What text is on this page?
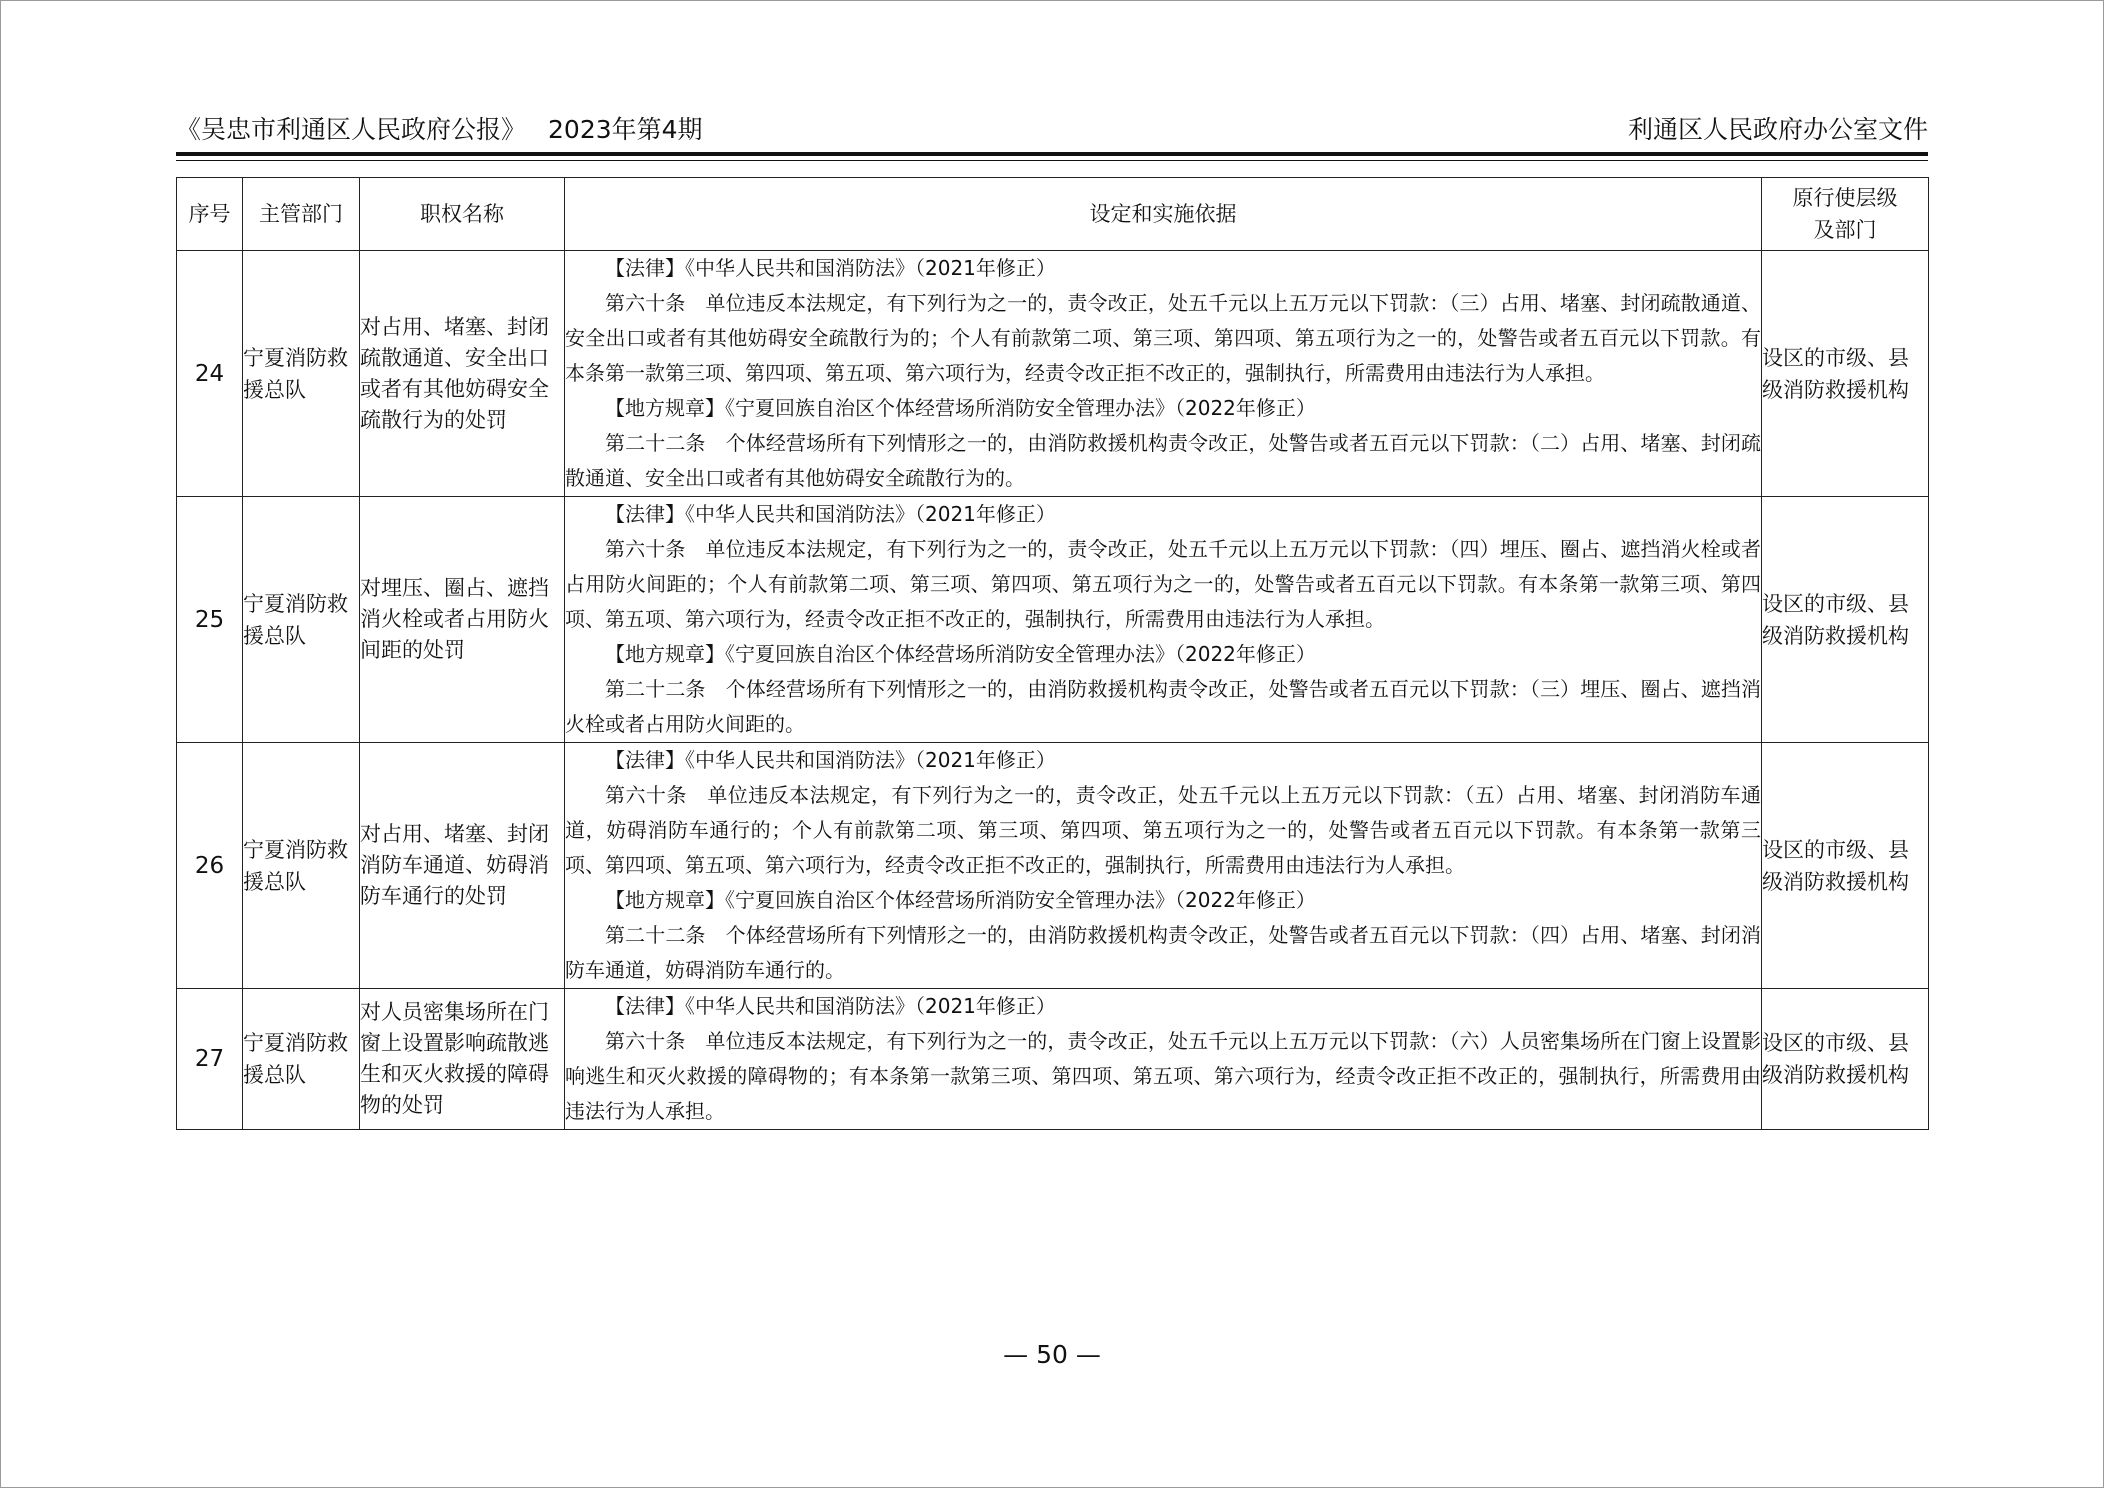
《吴忠市利通区人民政府公报》 2023年第4期	利通区人民政府办公室文件
序号	主管部门	职权名称	设定和实施依据	原行使层级及部门
24	宁夏消防救援总队	对占用、堵塞、封闭疏散通道、安全出口或者有其他妨碍安全疏散行为的处罚	【法律】《中华人民共和国消防法》（2021年修正）

第六十条　单位违反本法规定，有下列行为之一的，责令改正，处五千元以上五万元以下罚款：（三）占用、堵塞、封闭疏散通道、安全出口或者有其他妨碍安全疏散行为的；个人有前款第二项、第三项、第四项、第五项行为之一的，处警告或者五百元以下罚款。有本条第一款第三项、第四项、第五项、第六项行为，经责令改正拒不改正的，强制执行，所需费用由违法行为人承担。

【地方规章】《宁夏回族自治区个体经营场所消防安全管理办法》（2022年修正）

第二十二条　个体经营场所有下列情形之一的，由消防救援机构责令改正，处警告或者五百元以下罚款：（二）占用、堵塞、封闭疏散通道、安全出口或者有其他妨碍安全疏散行为的。	设区的市级、县级消防救援机构
25	宁夏消防救援总队	对埋压、圈占、遮挡消火栓或者占用防火间距的处罚	【法律】《中华人民共和国消防法》（2021年修正）

第六十条　单位违反本法规定，有下列行为之一的，责令改正，处五千元以上五万元以下罚款：（四）埋压、圈占、遮挡消火栓或者占用防火间距的；个人有前款第二项、第三项、第四项、第五项行为之一的，处警告或者五百元以下罚款。有本条第一款第三项、第四项、第五项、第六项行为，经责令改正拒不改正的，强制执行，所需费用由违法行为人承担。

【地方规章】《宁夏回族自治区个体经营场所消防安全管理办法》（2022年修正）

第二十二条　个体经营场所有下列情形之一的，由消防救援机构责令改正，处警告或者五百元以下罚款：（三）埋压、圈占、遮挡消火栓或者占用防火间距的。	设区的市级、县级消防救援机构
26	宁夏消防救援总队	对占用、堵塞、封闭消防车通道、妨碍消防车通行的处罚	【法律】《中华人民共和国消防法》（2021年修正）

第六十条　单位违反本法规定，有下列行为之一的，责令改正，处五千元以上五万元以下罚款：（五）占用、堵塞、封闭消防车通道，妨碍消防车通行的；个人有前款第二项、第三项、第四项、第五项行为之一的，处警告或者五百元以下罚款。有本条第一款第三项、第四项、第五项、第六项行为，经责令改正拒不改正的，强制执行，所需费用由违法行为人承担。

【地方规章】《宁夏回族自治区个体经营场所消防安全管理办法》（2022年修正）

第二十二条　个体经营场所有下列情形之一的，由消防救援机构责令改正，处警告或者五百元以下罚款：（四）占用、堵塞、封闭消防车通道，妨碍消防车通行的。	设区的市级、县级消防救援机构
27	宁夏消防救援总队	对人员密集场所在门窗上设置影响疏散逃生和灭火救援的障碍物的处罚	【法律】《中华人民共和国消防法》（2021年修正）

第六十条　单位违反本法规定，有下列行为之一的，责令改正，处五千元以上五万元以下罚款：（六）人员密集场所在门窗上设置影响逃生和灭火救援的障碍物的；有本条第一款第三项、第四项、第五项、第六项行为，经责令改正拒不改正的，强制执行，所需费用由违法行为人承担。	设区的市级、县级消防救援机构
— 50 —
